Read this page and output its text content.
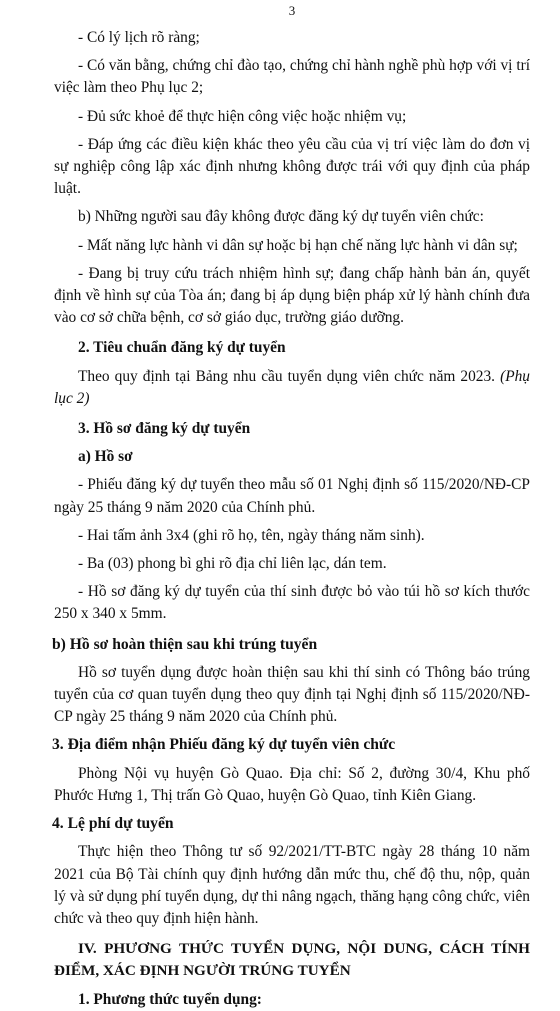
3

- Có lý lịch rõ ràng;

- Có văn bằng, chứng chỉ đào tạo, chứng chỉ hành nghề phù hợp với vị trí việc làm theo Phụ lục 2;

- Đủ sức khoẻ để thực hiện công việc hoặc nhiệm vụ;

- Đáp ứng các điều kiện khác theo yêu cầu của vị trí việc làm do đơn vị sự nghiệp công lập xác định nhưng không được trái với quy định của pháp luật.

b) Những người sau đây không được đăng ký dự tuyển viên chức:

- Mất năng lực hành vi dân sự hoặc bị hạn chế năng lực hành vi dân sự;

- Đang bị truy cứu trách nhiệm hình sự; đang chấp hành bản án, quyết định về hình sự của Tòa án; đang bị áp dụng biện pháp xử lý hành chính đưa vào cơ sở chữa bệnh, cơ sở giáo dục, trường giáo dưỡng.

2. Tiêu chuẩn đăng ký dự tuyển

Theo quy định tại Bảng nhu cầu tuyển dụng viên chức năm 2023. (Phụ lục 2)

3. Hồ sơ đăng ký dự tuyển

a) Hồ sơ

- Phiếu đăng ký dự tuyển theo mẫu số 01 Nghị định số 115/2020/NĐ-CP ngày 25 tháng 9 năm 2020 của Chính phủ.

- Hai tấm ảnh 3x4 (ghi rõ họ, tên, ngày tháng năm sinh).

- Ba (03) phong bì ghi rõ địa chỉ liên lạc, dán tem.

- Hồ sơ đăng ký dự tuyển của thí sinh được bỏ vào túi hồ sơ kích thước 250 x 340 x 5mm.

b) Hồ sơ hoàn thiện sau khi trúng tuyển

Hồ sơ tuyển dụng được hoàn thiện sau khi thí sinh có Thông báo trúng tuyển của cơ quan tuyển dụng theo quy định tại Nghị định số 115/2020/NĐ-CP ngày 25 tháng 9 năm 2020 của Chính phủ.

3. Địa điểm nhận Phiếu đăng ký dự tuyển viên chức

Phòng Nội vụ huyện Gò Quao. Địa chỉ: Số 2, đường 30/4, Khu phố Phước Hưng 1, Thị trấn Gò Quao, huyện Gò Quao, tỉnh Kiên Giang.

4. Lệ phí dự tuyển

Thực hiện theo Thông tư số 92/2021/TT-BTC ngày 28 tháng 10 năm 2021 của Bộ Tài chính quy định hướng dẫn mức thu, chế độ thu, nộp, quản lý và sử dụng phí tuyển dụng, dự thi nâng ngạch, thăng hạng công chức, viên chức và theo quy định hiện hành.

IV. PHƯƠNG THỨC TUYỂN DỤNG, NỘI DUNG, CÁCH TÍNH ĐIỂM, XÁC ĐỊNH NGƯỜI TRÚNG TUYỂN

1. Phương thức tuyển dụng:
